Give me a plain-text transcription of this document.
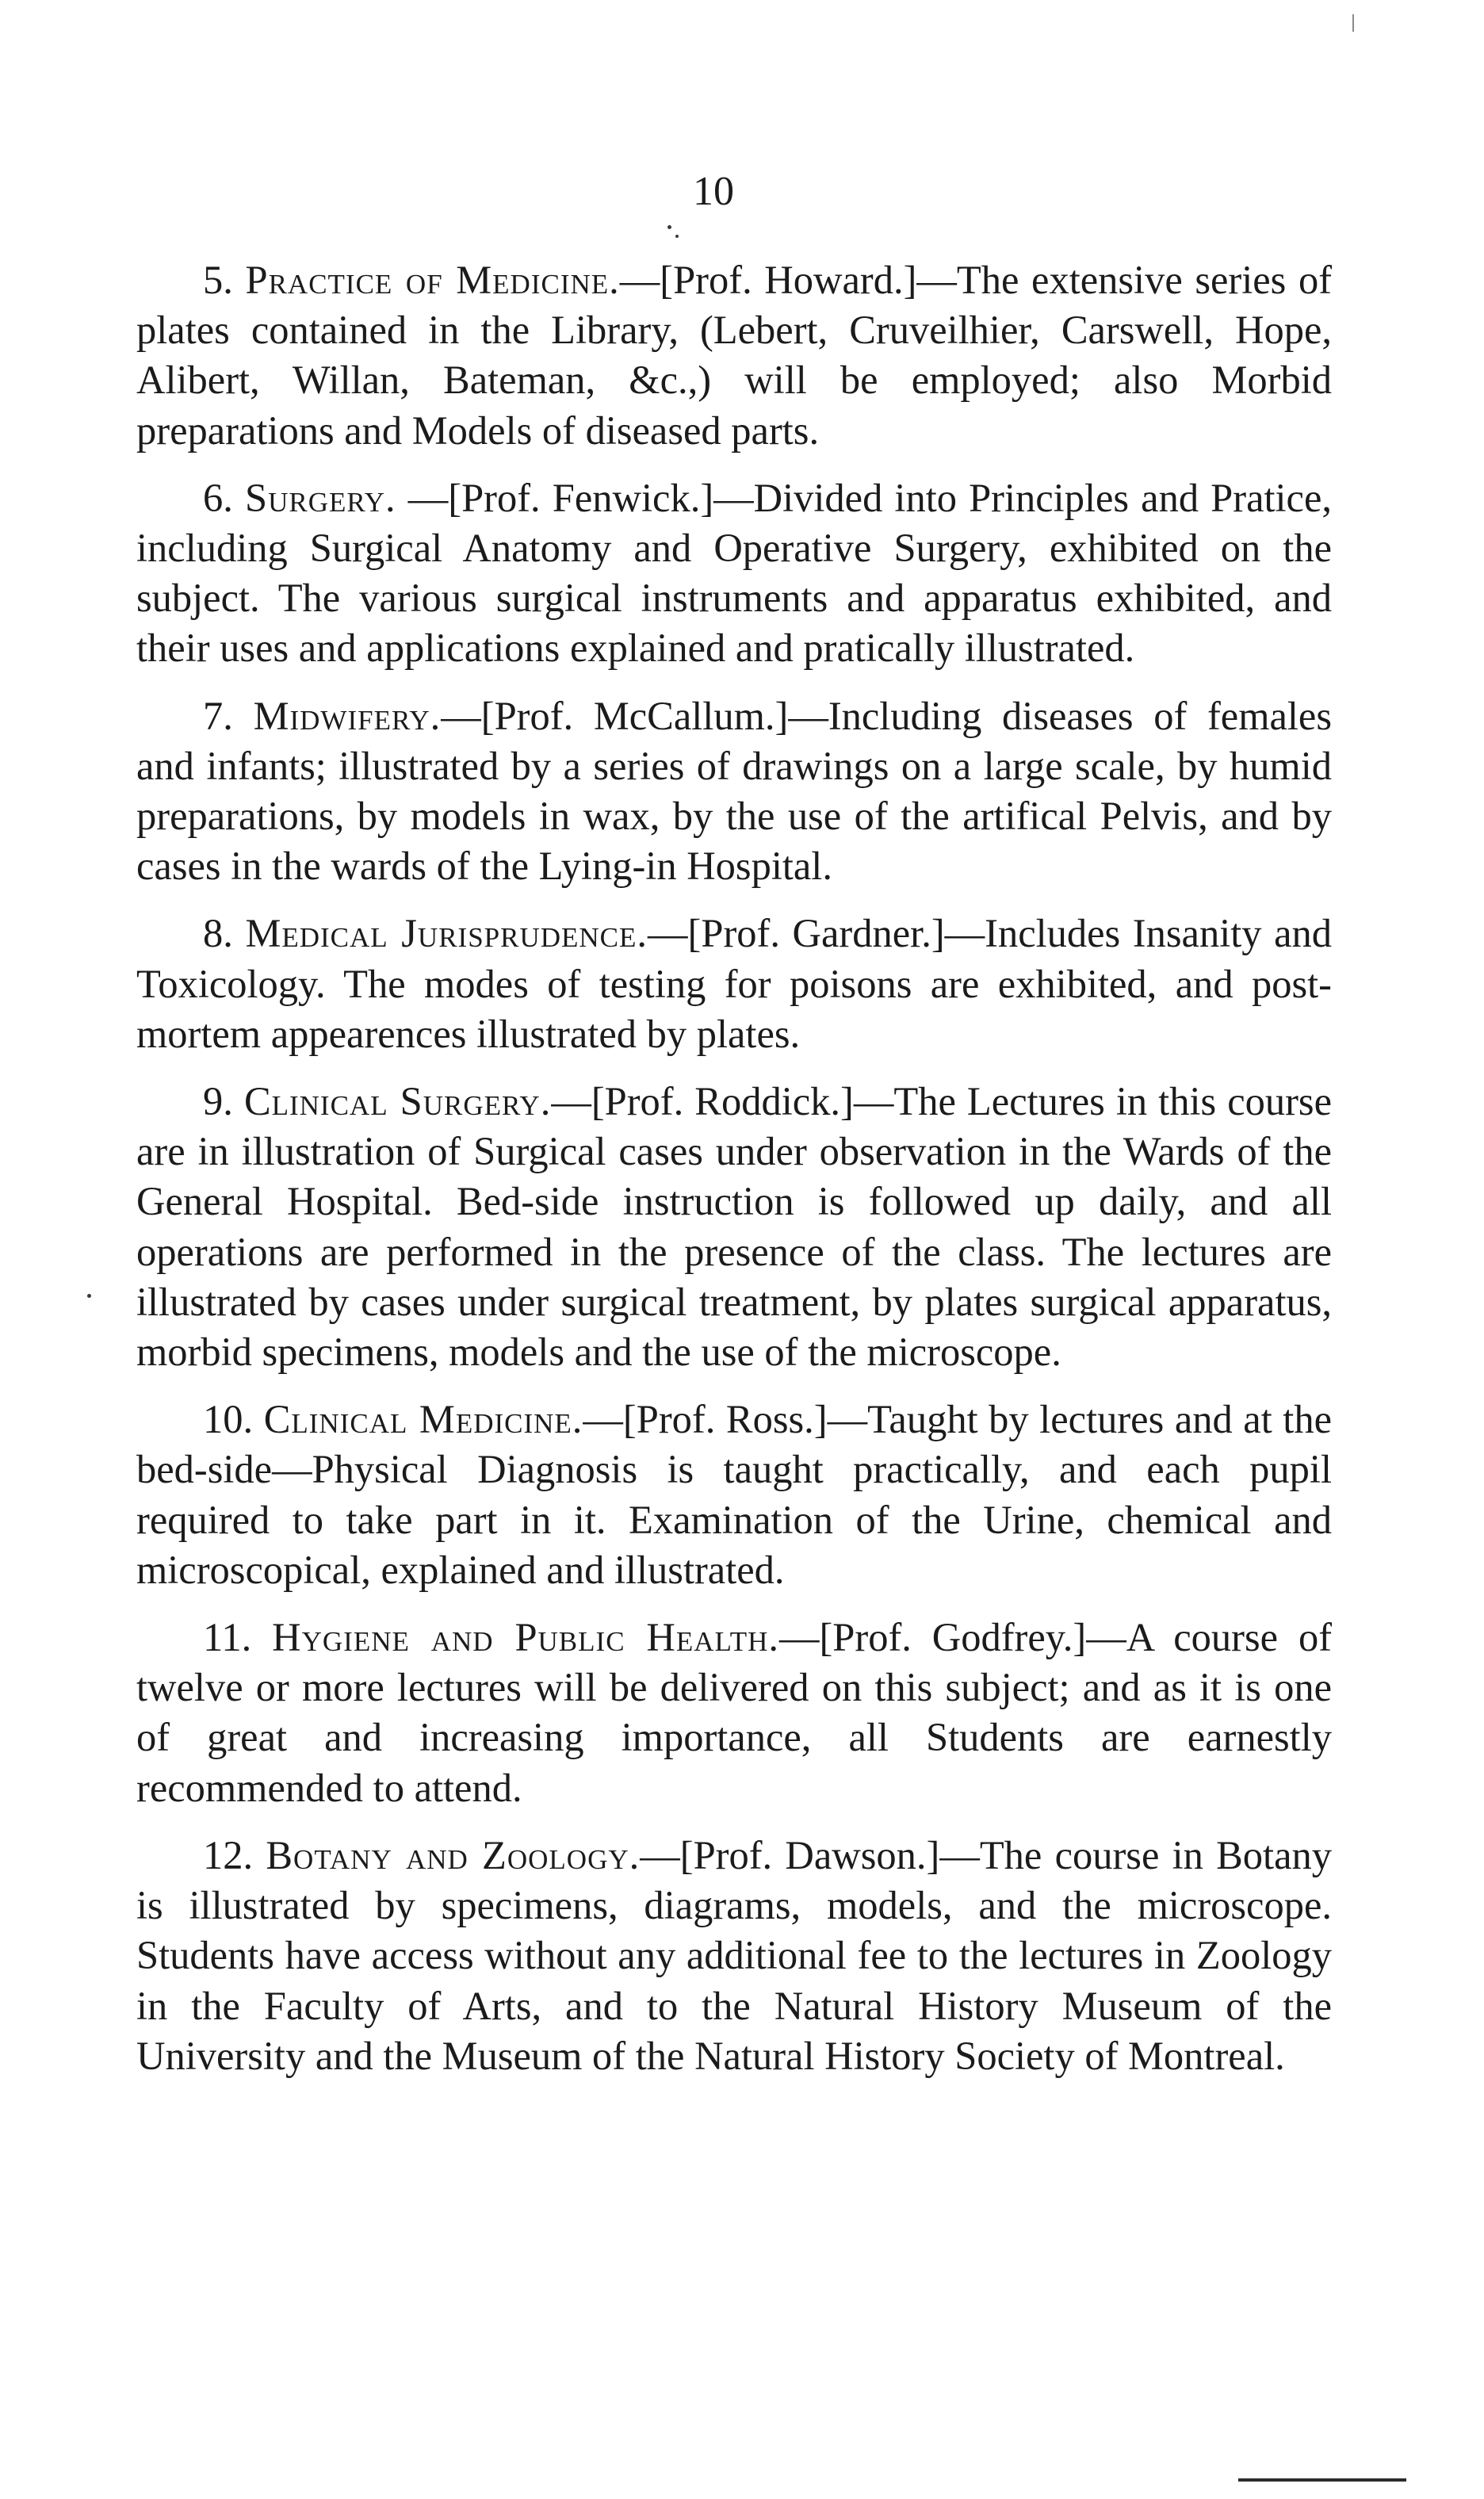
10

5. Practice of Medicine.—[Prof. Howard.]—The extensive series of plates contained in the Library, (Lebert, Cruveilhier, Carswell, Hope, Alibert, Willan, Bateman, &c.,) will be employed; also Morbid preparations and Models of diseased parts.

6. Surgery. —[Prof. Fenwick.]—Divided into Principles and Pratice, including Surgical Anatomy and Operative Surgery, exhibited on the subject. The various surgical instruments and apparatus exhibited, and their uses and applications explained and pratically illustrated.

7. Midwifery.—[Prof. McCallum.]—Including diseases of females and infants; illustrated by a series of drawings on a large scale, by humid preparations, by models in wax, by the use of the artifical Pelvis, and by cases in the wards of the Lying-in Hospital.

8. Medical Jurisprudence.—[Prof. Gardner.]—Includes Insanity and Toxicology. The modes of testing for poisons are exhibited, and post-mortem appearences illustrated by plates.

9. Clinical Surgery.—[Prof. Roddick.]—The Lectures in this course are in illustration of Surgical cases under observation in the Wards of the General Hospital. Bed-side instruction is followed up daily, and all operations are performed in the presence of the class. The lectures are illustrated by cases under surgical treatment, by plates surgical apparatus, morbid specimens, models and the use of the microscope.

10. Clinical Medicine.—[Prof. Ross.]—Taught by lectures and at the bed-side—Physical Diagnosis is taught practically, and each pupil required to take part in it. Examination of the Urine, chemical and microscopical, explained and illustrated.

11. Hygiene and Public Health.—[Prof. Godfrey.]—A course of twelve or more lectures will be delivered on this subject; and as it is one of great and increasing importance, all Students are earnestly recommended to attend.

12. Botany and Zoology.—[Prof. Dawson.]—The course in Botany is illustrated by specimens, diagrams, models, and the microscope. Students have access without any additional fee to the lectures in Zoology in the Faculty of Arts, and to the Natural History Museum of the University and the Museum of the Natural History Society of Montreal.
